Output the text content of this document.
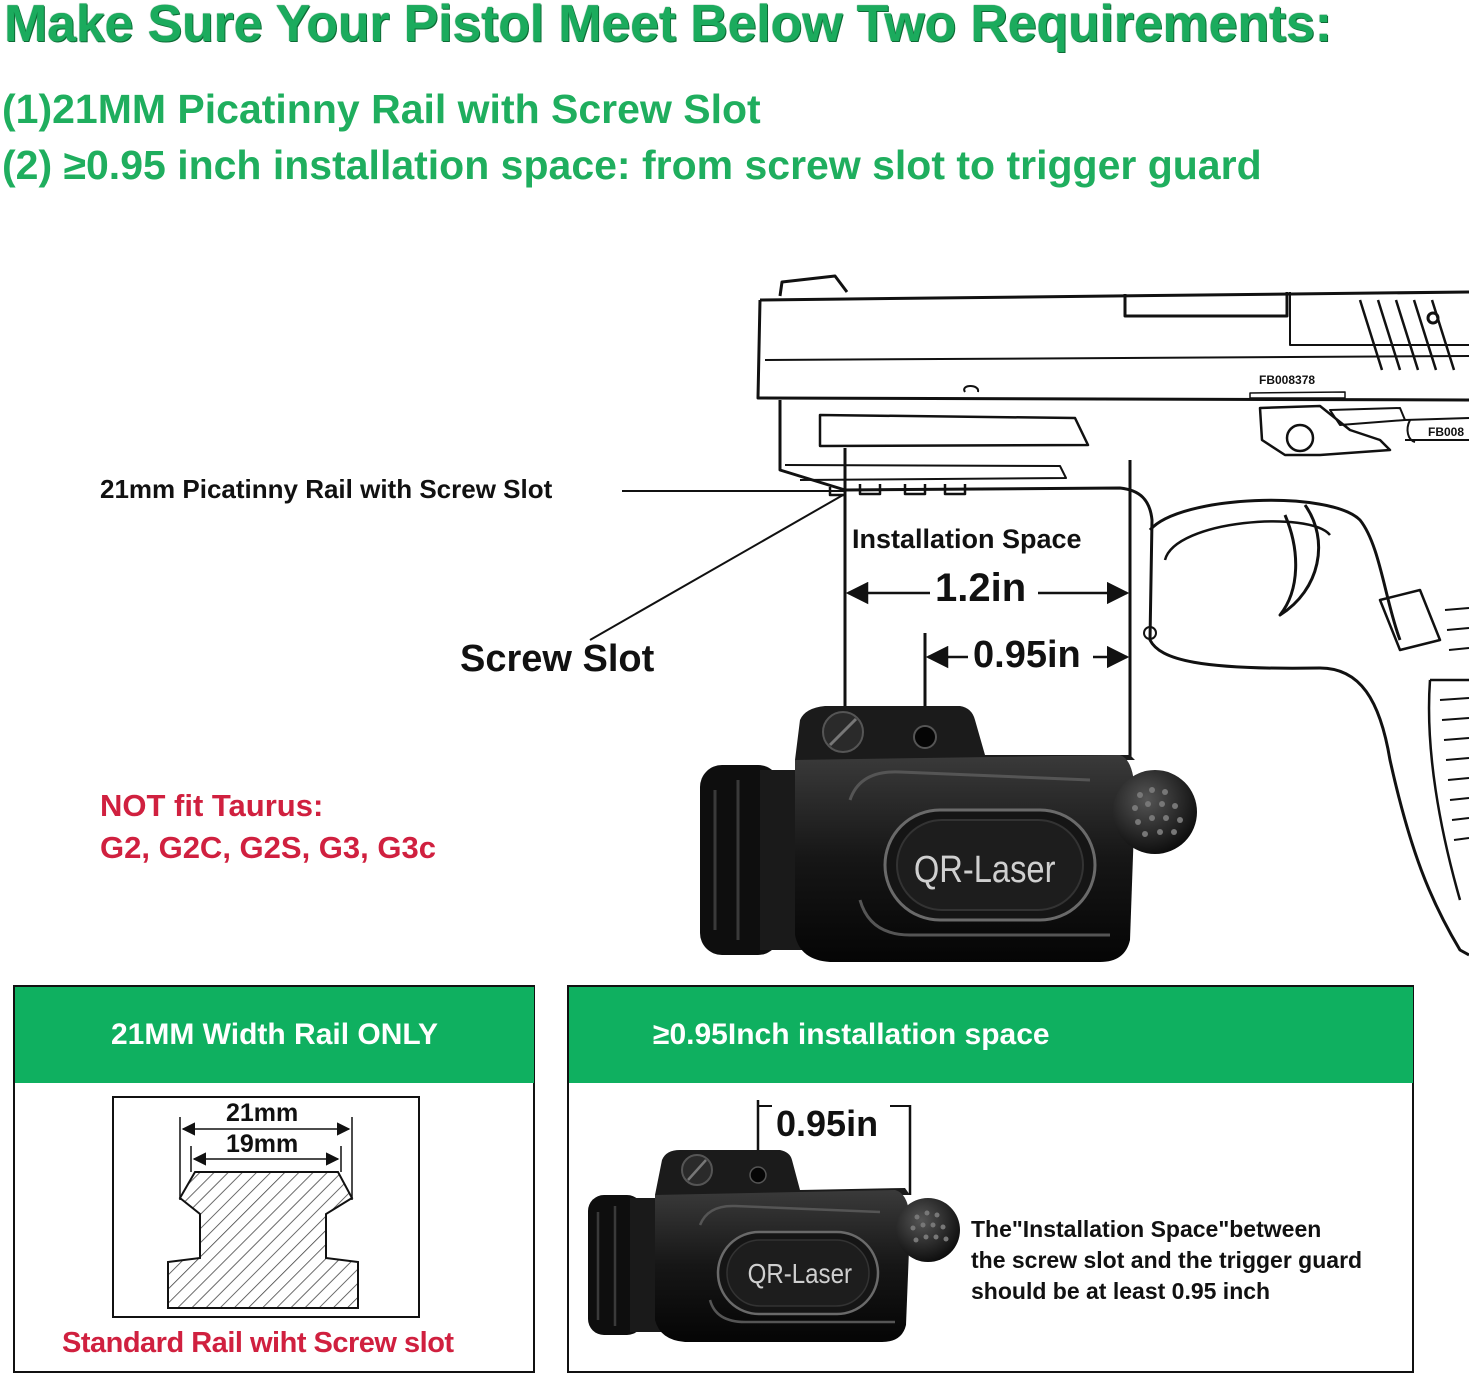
Make Sure Your Pistol Meet Below Two Requirements:
(1)21MM Picatinny Rail with Screw Slot
(2) ≥0.95 inch installation space: from screw slot to trigger guard
FB008378
FB008
QR-Laser
QR-Laser
21mm Picatinny Rail with Screw Slot
Screw Slot
Installation Space
1.2in
0.95in
NOT fit Taurus:
G2, G2C, G2S, G3, G3c
21MM Width Rail ONLY	≥0.95Inch installation space
21mm
19mm
Standard Rail wiht Screw slot
0.95in
The"Installation Space"between
the screw slot and the trigger guard
should be at least 0.95 inch
